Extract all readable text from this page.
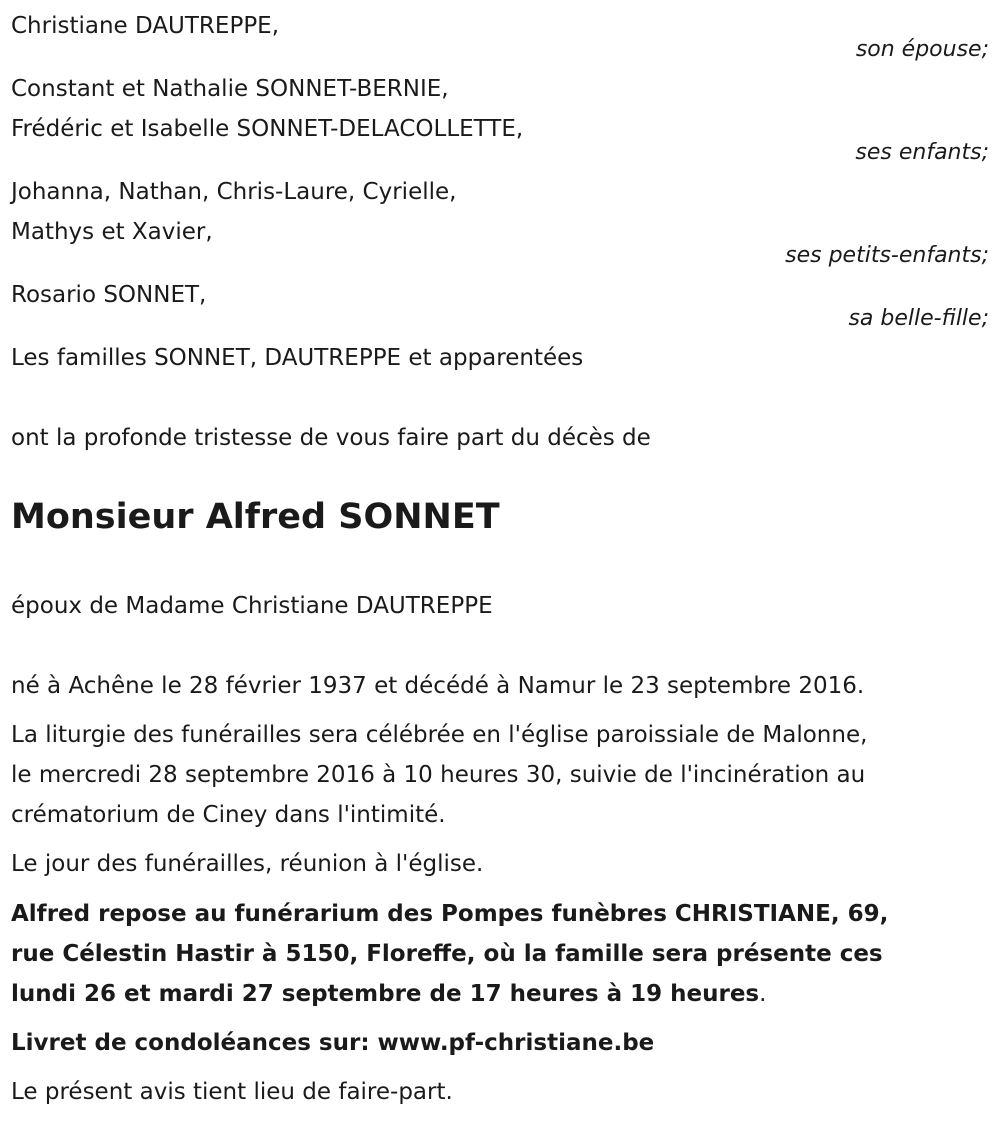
Christiane DAUTREPPE,
son épouse;
Constant et Nathalie SONNET-BERNIE,
Frédéric et Isabelle SONNET-DELACOLLETTE,
ses enfants;
Johanna, Nathan, Chris-Laure, Cyrielle,
Mathys et Xavier,
ses petits-enfants;
Rosario SONNET,
sa belle-fille;
Les familles SONNET, DAUTREPPE et apparentées
ont la profonde tristesse de vous faire part du décès de
Monsieur Alfred SONNET
époux de Madame Christiane DAUTREPPE
né à Achêne le 28 février 1937 et décédé à Namur le 23 septembre 2016.
La liturgie des funérailles sera célébrée en l'église paroissiale de Malonne,
le mercredi 28 septembre 2016 à 10 heures 30, suivie de l'incinération au
crématorium de Ciney dans l'intimité.
Le jour des funérailles, réunion à l'église.
Alfred repose au funérarium des Pompes funèbres CHRISTIANE, 69,
rue Célestin Hastir à 5150, Floreffe, où la famille sera présente ces
lundi 26 et mardi 27 septembre de 17 heures à 19 heures.
Livret de condoléances sur: www.pf-christiane.be
Le présent avis tient lieu de faire-part.
